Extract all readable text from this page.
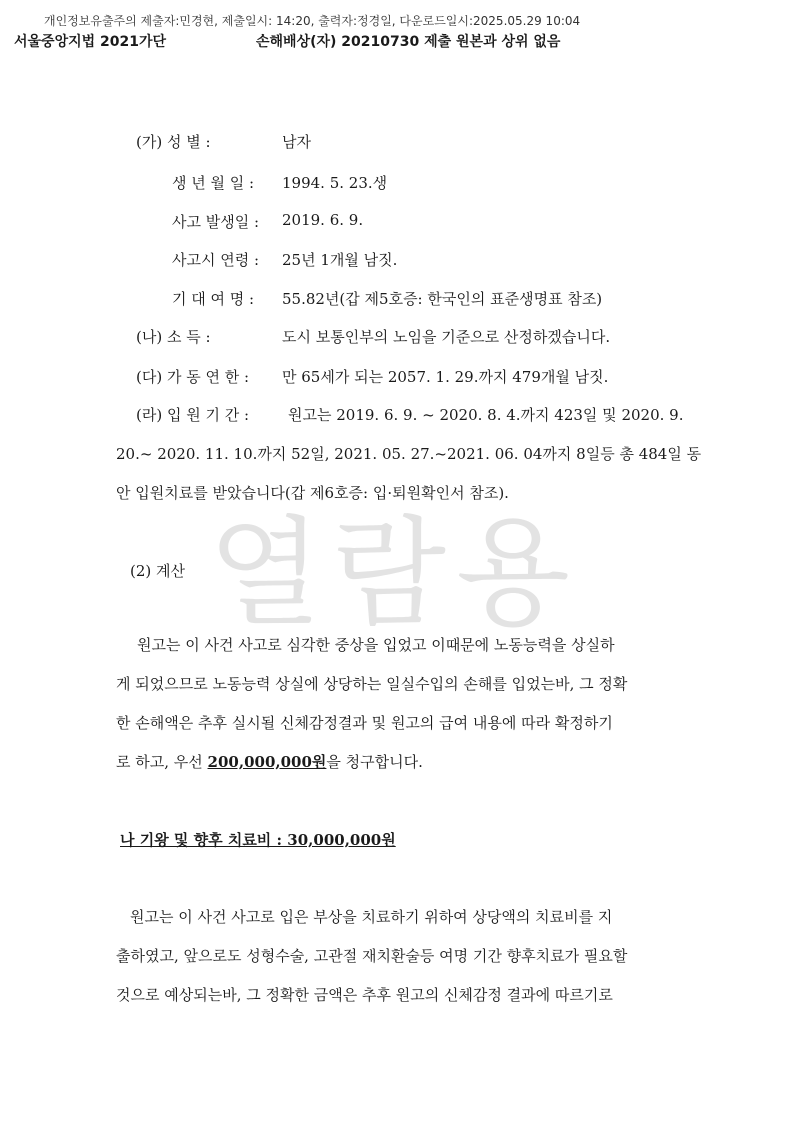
개인정보유출주의 제출자:민경현, 제출일시: 14:20, 출력자:정경일, 다운로드일시:2025.05.29 10:04
서울중앙지법 2021가단	손해배상(자) 20210730 제출 원본과 상위 없음
열람용
(가) 성 별 :	남자
생 년 월 일 : 1994. 5. 23.생
사고 발생일 : 2019. 6. 9.
사고시 연령 : 25년 1개월 남짓.
기 대 여 명 : 55.82년(갑 제5호증: 한국인의 표준생명표 참조)
(나) 소 득 :	도시 보통인부의 노임을 기준으로 산정하겠습니다.
(다) 가 동 연 한 : 만 65세가 되는 2057. 1. 29.까지 479개월 남짓.
(라) 입 원 기 간 :	원고는 2019. 6. 9. ~ 2020. 8. 4.까지 423일 및 2020. 9.
20.~ 2020. 11. 10.까지 52일, 2021. 05. 27.~2021. 06. 04까지 8일등 총 484일 동
안 입원치료를 받았습니다(갑 제6호증: 입·퇴원확인서 참조).
(2) 계산
원고는 이 사건 사고로 심각한 중상을 입었고 이때문에 노동능력을 상실하
게 되었으므로 노동능력 상실에 상당하는 일실수입의 손해를 입었는바, 그 정확
한 손해액은 추후 실시될 신체감정결과 및 원고의 급여 내용에 따라 확정하기
로 하고, 우선 200,000,000원을 청구합니다.
나 기왕 및 향후 치료비 : 30,000,000원
원고는 이 사건 사고로 입은 부상을 치료하기 위하여 상당액의 치료비를 지
출하였고, 앞으로도 성형수술, 고관절 재치환술등 여명 기간 향후치료가 필요할
것으로 예상되는바, 그 정확한 금액은 추후 원고의 신체감정 결과에 따르기로
